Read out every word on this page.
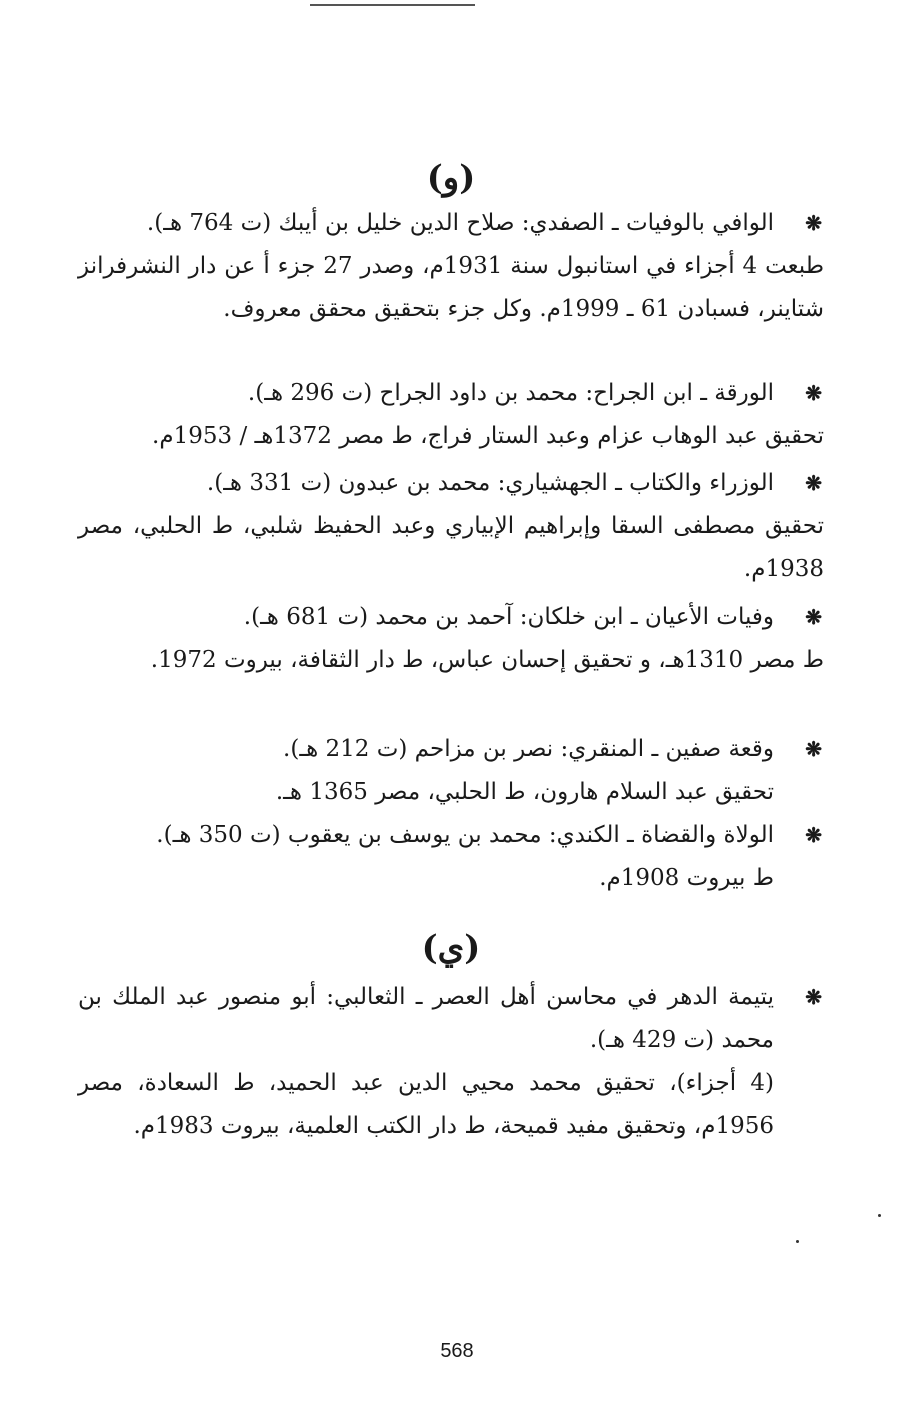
(و)
❋
الوافي بالوفيات ـ الصفدي: صلاح الدين خليل بن أيبك (ت 764 هـ).
طبعت 4 أجزاء في استانبول سنة 1931م، وصدر 27 جزء أ عن دار النشرفرانز شتاينر، فسبادن 61 ـ 1999م. وكل جزء بتحقيق محقق معروف.
❋
الورقة ـ ابن الجراح: محمد بن داود الجراح (ت 296 هـ).
تحقيق عبد الوهاب عزام وعبد الستار فراج، ط مصر 1372هـ / 1953م.
❋
الوزراء والكتاب ـ الجهشياري: محمد بن عبدون (ت 331 هـ).
تحقيق مصطفى السقا وإبراهيم الإبياري وعبد الحفيظ شلبي، ط الحلبي، مصر 1938م.
❋
وفيات الأعيان ـ ابن خلكان: آحمد بن محمد (ت 681 هـ).
ط مصر 1310هـ، و تحقيق إحسان عباس، ط دار الثقافة، بيروت 1972.
❋
وقعة صفين ـ المنقري: نصر بن مزاحم (ت 212 هـ).
تحقيق عبد السلام هارون، ط الحلبي، مصر 1365 هـ.
❋
الولاة والقضاة ـ الكندي: محمد بن يوسف بن يعقوب (ت 350 هـ).
ط بيروت 1908م.
(ي)
❋
يتيمة الدهر في محاسن أهل العصر ـ الثعالبي: أبو منصور عبد الملك بن محمد (ت 429 هـ).
(4 أجزاء)، تحقيق محمد محيي الدين عبد الحميد، ط السعادة، مصر 1956م، وتحقيق مفيد قميحة، ط دار الكتب العلمية، بيروت 1983م.
568
